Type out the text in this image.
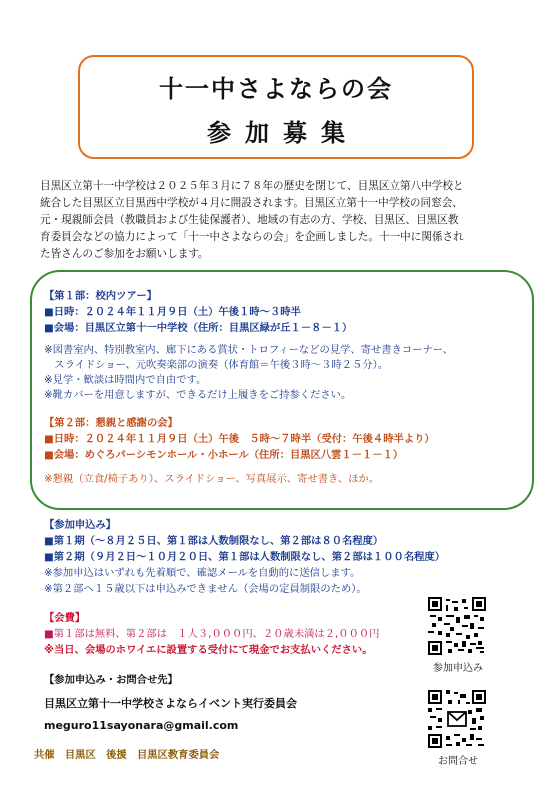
十一中さよならの会
参加募集
目黒区立第十一中学校は２０２５年３月に７８年の歴史を閉じて、目黒区立第八中学校と
統合した目黒区立目黒西中学校が４月に開設されます。目黒区立第十一中学校の同窓会、
元・現親師会員（教職員および生徒保護者）、地域の有志の方、学校、目黒区、目黒区教
育委員会などの協力によって「十一中さよならの会」を企画しました。十一中に関係され
た皆さんのご参加をお願いします。
【第１部：校内ツアー】
■日時：２０２４年１１月９日（土）午後１時～３時半
■会場：目黒区立第十一中学校（住所：目黒区緑が丘１－８－１）
※図書室内、特別教室内、廊下にある賞状・トロフィーなどの見学、寄せ書きコーナー、
　スライドショー、元吹奏楽部の演奏（体育館＝午後３時～３時２５分）。
※見学・歓談は時間内で自由です。
※靴カバーを用意しますが、できるだけ上履きをご持参ください。
【第２部：懇親と感謝の会】
■日時：２０２４年１１月９日（土）午後　５時～７時半（受付：午後４時半より）
■会場：めぐろパーシモンホール・小ホール（住所：目黒区八雲１－１－１）
※懇親（立食/椅子あり）、スライドショー、写真展示、寄せ書き、ほか。
【参加申込み】
■第１期（～８月２５日、第１部は人数制限なし、第２部は８０名程度）
■第２期（９月２日～１０月２０日、第１部は人数制限なし、第２部は１００名程度）
※参加申込はいずれも先着順で、確認メールを自動的に送信します。
※第２部へ１５歳以下は申込みできません（会場の定員制限のため）。
【会費】
■第１部は無料、第２部は　１人３,０００円、２０歳未満は２,０００円
※当日、会場のホワイエに設置する受付にて現金でお支払いください。
【参加申込み・お問合せ先】
目黒区立第十一中学校さよならイベント実行委員会
meguro11sayonara@gmail.com
共催　目黒区　後援　目黒区教育委員会
参加申込み
お問合せ
